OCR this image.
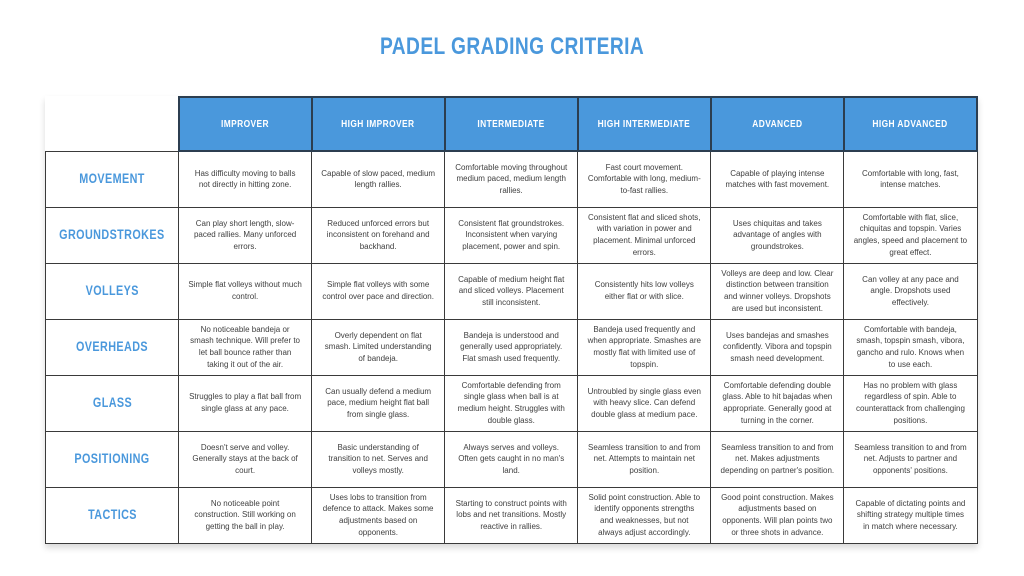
PADEL GRADING CRITERIA
	IMPROVER	HIGH IMPROVER	INTERMEDIATE	HIGH INTERMEDIATE	ADVANCED	HIGH ADVANCED
MOVEMENT	Has difficulty moving to balls not directly in hitting zone.	Capable of slow paced, medium length rallies.	Comfortable moving throughout medium paced, medium length rallies.	Fast court movement. Comfortable with long, medium-to-fast rallies.	Capable of playing intense matches with fast movement.	Comfortable with long, fast, intense matches.
GROUNDSTROKES	Can play short length, slow-paced rallies. Many unforced errors.	Reduced unforced errors but inconsistent on forehand and backhand.	Consistent flat groundstrokes. Inconsistent when varying placement, power and spin.	Consistent flat and sliced shots, with variation in power and placement. Minimal unforced errors.	Uses chiquitas and takes advantage of angles with groundstrokes.	Comfortable with flat, slice, chiquitas and topspin. Varies angles, speed and placement to great effect.
VOLLEYS	Simple flat volleys without much control.	Simple flat volleys with some control over pace and direction.	Capable of medium height flat and sliced volleys. Placement still inconsistent.	Consistently hits low volleys either flat or with slice.	Volleys are deep and low. Clear distinction between transition and winner volleys. Dropshots are used but inconsistent.	Can volley at any pace and angle. Dropshots used effectively.
OVERHEADS	No noticeable bandeja or smash technique. Will prefer to let ball bounce rather than taking it out of the air.	Overly dependent on flat smash. Limited understanding of bandeja.	Bandeja is understood and generally used appropriately. Flat smash used frequently.	Bandeja used frequently and when appropriate. Smashes are mostly flat with limited use of topspin.	Uses bandejas and smashes confidently. Vibora and topspin smash need development.	Comfortable with bandeja, smash, topspin smash, vibora, gancho and rulo. Knows when to use each.
GLASS	Struggles to play a flat ball from single glass at any pace.	Can usually defend a medium pace, medium height flat ball from single glass.	Comfortable defending from single glass when ball is at medium height. Struggles with double glass.	Untroubled by single glass even with heavy slice. Can defend double glass at medium pace.	Comfortable defending double glass. Able to hit bajadas when appropriate. Generally good at turning in the corner.	Has no problem with glass regardless of spin. Able to counterattack from challenging positions.
POSITIONING	Doesn't serve and volley. Generally stays at the back of court.	Basic understanding of transition to net. Serves and volleys mostly.	Always serves and volleys. Often gets caught in no man's land.	Seamless transition to and from net. Attempts to maintain net position.	Seamless transition to and from net. Makes adjustments depending on partner's position.	Seamless transition to and from net. Adjusts to partner and opponents' positions.
TACTICS	No noticeable point construction. Still working on getting the ball in play.	Uses lobs to transition from defence to attack. Makes some adjustments based on opponents.	Starting to construct points with lobs and net transitions. Mostly reactive in rallies.	Solid point construction. Able to identify opponents strengths and weaknesses, but not always adjust accordingly.	Good point construction. Makes adjustments based on opponents. Will plan points two or three shots in advance.	Capable of dictating points and shifting strategy multiple times in match where necessary.
